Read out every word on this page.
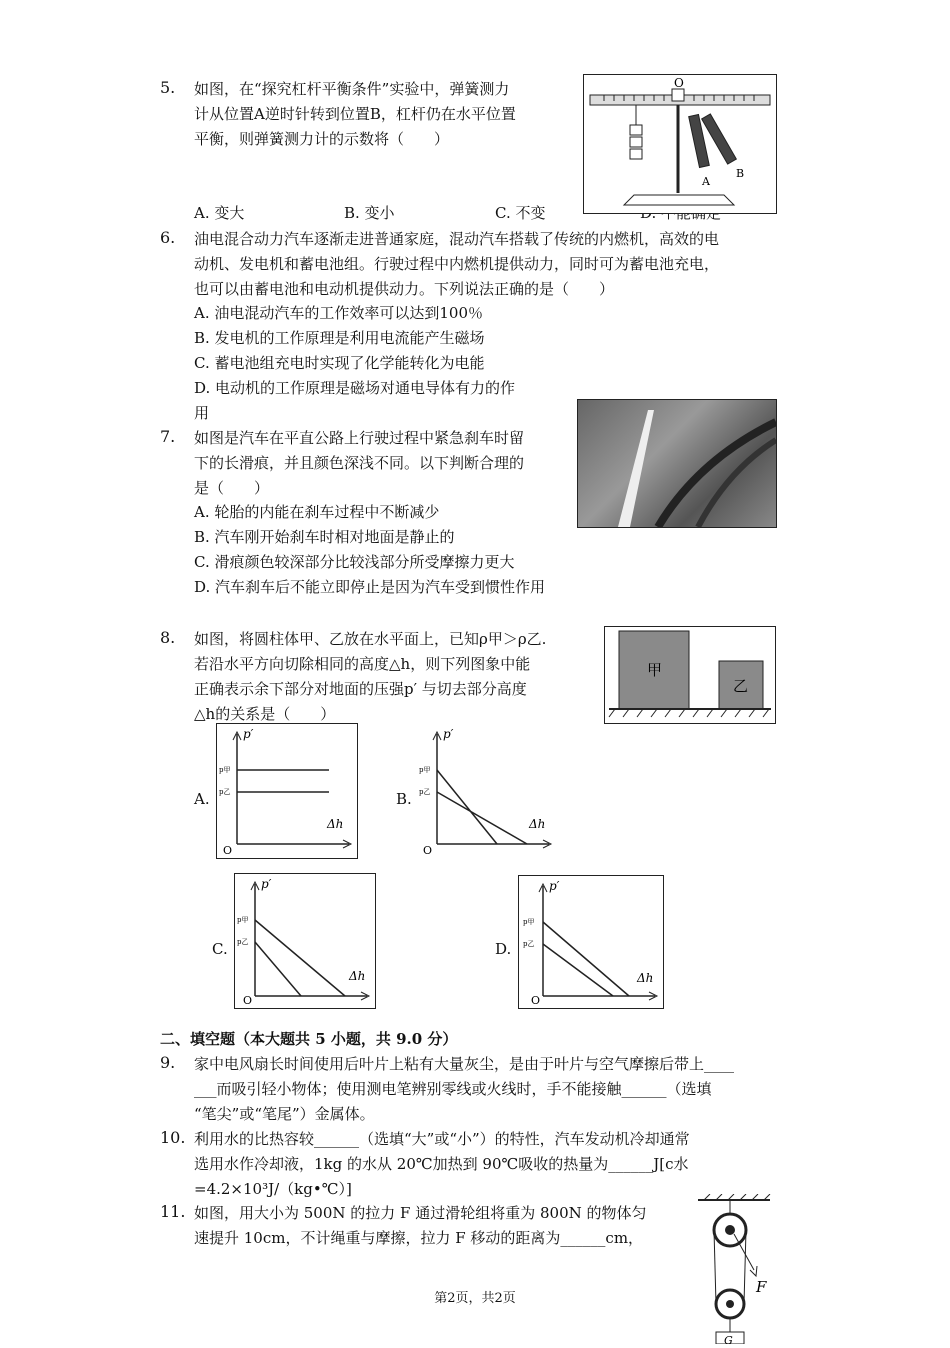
5. 如图，在“探究杠杆平衡条件”实验中，弹簧测力
计从位置A逆时针转到位置B，杠杆仍在水平位置
平衡，则弹簧测力计的示数将（　　）
A. 变大	B. 变小	C. 不变
O
A
B
6. 油电混合动力汽车逐渐走进普通家庭，混动汽车搭载了传统的内燃机，高效的电
动机、发电机和蓄电池组。行驶过程中内燃机提供动力，同时可为蓄电池充电，
也可以由蓄电池和电动机提供动力。下列说法正确的是（　　）
A. 油电混动汽车的工作效率可以达到100％
B. 发电机的工作原理是利用电流能产生磁场
C. 蓄电池组充电时实现了化学能转化为电能
D. 电动机的工作原理是磁场对通电导体有力的作
用
7. 如图是汽车在平直公路上行驶过程中紧急刹车时留
下的长滑痕，并且颜色深浅不同。以下判断合理的
是（　　）
A. 轮胎的内能在刹车过程中不断减少
B. 汽车刚开始刹车时相对地面是静止的
C. 滑痕颜色较深部分比较浅部分所受摩擦力更大
D. 汽车刹车后不能立即停止是因为汽车受到惯性作用
8. 如图，将圆柱体甲、乙放在水平面上，已知ρ甲＞ρ乙.
若沿水平方向切除相同的高度△h，则下列图象中能
正确表示余下部分对地面的压强p′ 与切去部分高度
△h的关系是（　　）
甲
乙
A.
p′
Δh
O
p甲
p乙	B.
p′
Δh
O
p甲
p乙
C.
p′
Δh
O
p甲
p乙	D.
p′
Δh
O
p甲
p乙
二、填空题（本大题共 5 小题，共 9.0 分）
9. 家中电风扇长时间使用后叶片上粘有大量灰尘，是由于叶片与空气摩擦后带上____
___而吸引轻小物体；使用测电笔辨别零线或火线时，手不能接触______（选填
“笔尖”或“笔尾”）金属体。
10. 利用水的比热容较______（选填“大”或“小”）的特性，汽车发动机冷却通常
选用水作冷却液，1kg 的水从 20℃加热到 90℃吸收的热量为______J[c水
=4.2×10³J/（kg•℃）]
11. 如图，用大小为 500N 的拉力 F 通过滑轮组将重为 800N 的物体匀
速提升 10cm，不计绳重与摩擦，拉力 F 移动的距离为______cm，
F
G
第2页，共2页
